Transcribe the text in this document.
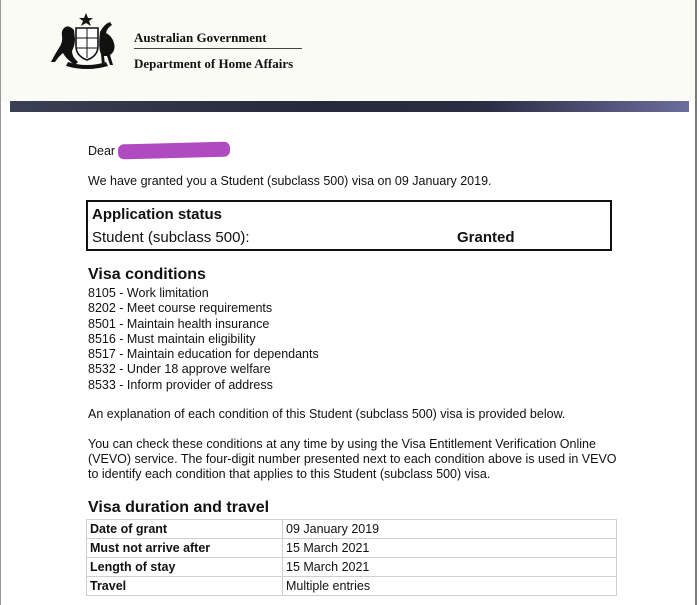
Australian Government
Department of Home Affairs
Dear
We have granted you a Student (subclass 500) visa on 09 January 2019.
Application status
Student (subclass 500):	Granted
Visa conditions
8105 - Work limitation
8202 - Meet course requirements
8501 - Maintain health insurance
8516 - Must maintain eligibility
8517 - Maintain education for dependants
8532 - Under 18 approve welfare
8533 - Inform provider of address
An explanation of each condition of this Student (subclass 500) visa is provided below.
You can check these conditions at any time by using the Visa Entitlement Verification Online (VEVO) service. The four-digit number presented next to each condition above is used in VEVO to identify each condition that applies to this Student (subclass 500) visa.
Visa duration and travel
Date of grant	09 January 2019
Must not arrive after	15 March 2021
Length of stay	15 March 2021
Travel	Multiple entries
